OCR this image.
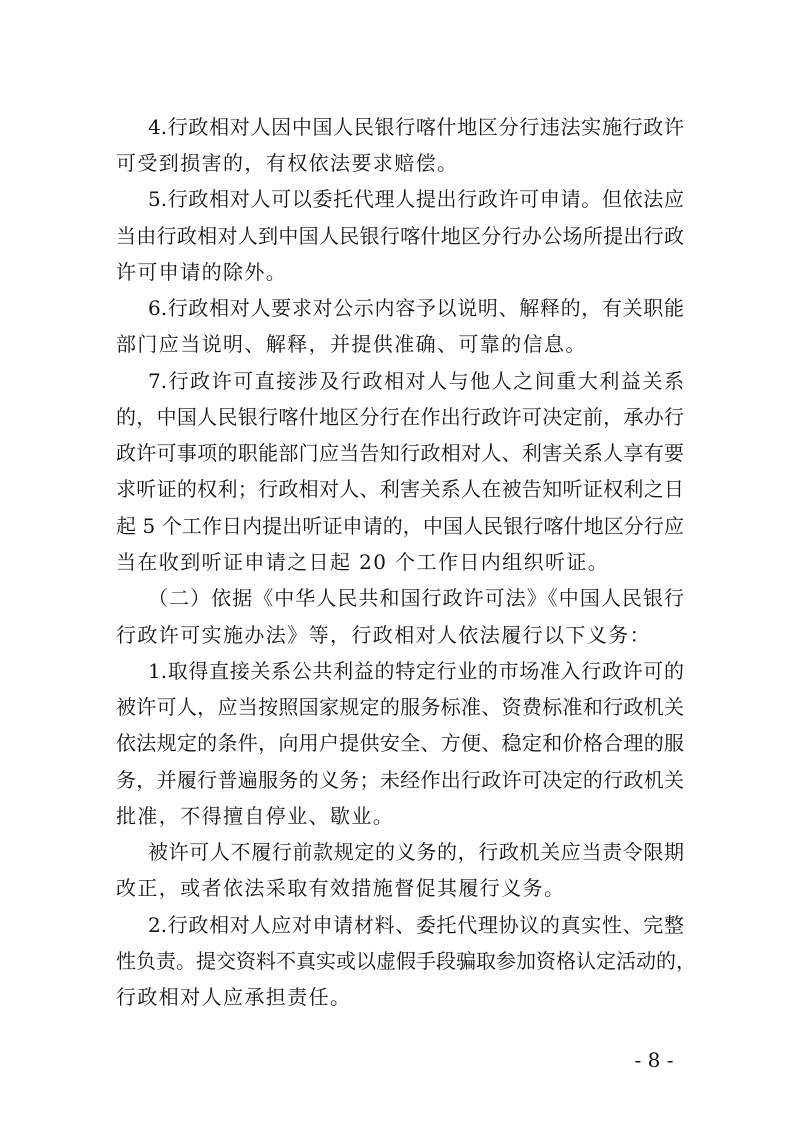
4.行政相对人因中国人民银行喀什地区分行违法实施行政许
可受到损害的，有权依法要求赔偿。
5.行政相对人可以委托代理人提出行政许可申请。但依法应
当由行政相对人到中国人民银行喀什地区分行办公场所提出行政
许可申请的除外。
6.行政相对人要求对公示内容予以说明、解释的，有关职能
部门应当说明、解释，并提供准确、可靠的信息。
7.行政许可直接涉及行政相对人与他人之间重大利益关系
的，中国人民银行喀什地区分行在作出行政许可决定前，承办行
政许可事项的职能部门应当告知行政相对人、利害关系人享有要
求听证的权利；行政相对人、利害关系人在被告知听证权利之日
起 5 个工作日内提出听证申请的，中国人民银行喀什地区分行应
当在收到听证申请之日起 20 个工作日内组织听证。
（二）依据《中华人民共和国行政许可法》《中国人民银行
行政许可实施办法》等，行政相对人依法履行以下义务：
1.取得直接关系公共利益的特定行业的市场准入行政许可的
被许可人，应当按照国家规定的服务标准、资费标准和行政机关
依法规定的条件，向用户提供安全、方便、稳定和价格合理的服
务，并履行普遍服务的义务；未经作出行政许可决定的行政机关
批准，不得擅自停业、歇业。
被许可人不履行前款规定的义务的，行政机关应当责令限期
改正，或者依法采取有效措施督促其履行义务。
2.行政相对人应对申请材料、委托代理协议的真实性、完整
性负责。提交资料不真实或以虚假手段骗取参加资格认定活动的，
行政相对人应承担责任。
- 8 -
